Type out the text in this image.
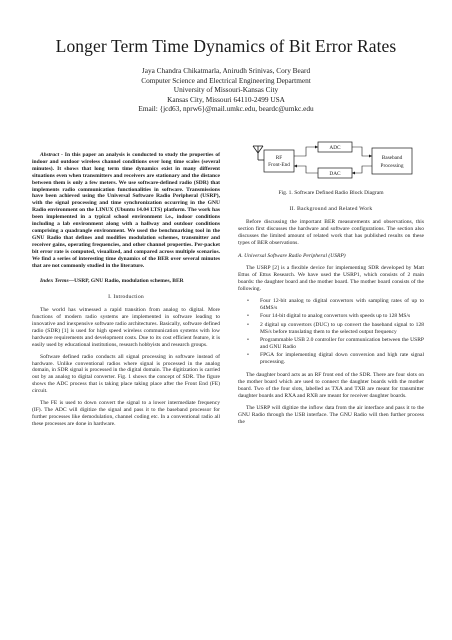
Longer Term Time Dynamics of Bit Error Rates
Jaya Chandra Chikatmarla, Anirudh Srinivas, Cory Beard
Computer Science and Electrical Engineering Department
University of Missouri-Kansas City
Kansas City, Missouri 64110-2499 USA
Email: {jcd63, nprw6}@mail.umkc.edu, beardc@umkc.edu

Abstract - In this paper an analysis is conducted to study the properties of indoor and outdoor wireless channel conditions over long time scales (several minutes). It shows that long term time dynamics exist in many different situations even when transmitters and receivers are stationary and the distance between them is only a few meters. We use software-defined radio (SDR) that implements radio communication functionalities in software. Transmissions have been achieved using the Universal Software Radio Peripheral (USRP), with the signal processing and time synchronization occurring in the GNU Radio environment on the LINUX (Ubuntu 14.04 LTS) platform. The work has been implemented in a typical school environment i.e., indoor conditions including a lab environment along with a hallway and outdoor conditions comprising a quadrangle environment. We used the benchmarking tool in the GNU Radio that defines and modifies modulation schemes, transmitter and receiver gains, operating frequencies, and other channel properties. Per-packet bit error rate is computed, visualized, and compared across multiple scenarios. We find a series of interesting time dynamics of the BER over several minutes that are not commonly studied in the literature.

Index Terms—USRP, GNU Radio, modulation schemes, BER

I. Introduction

The world has witnessed a rapid transition from analog to digital. More functions of modern radio systems are implemented in software leading to innovative and inexpensive software radio architectures. Basically, software defined radio (SDR) [1] is used for high speed wireless communication systems with low hardware requirements and development costs. Due to its cost efficient feature, it is easily used by educational institutions, research hobbyists and research groups.

Software defined radio conducts all signal processing in software instead of hardware. Unlike conventional radios where signal is processed in the analog domain, in SDR signal is processed in the digital domain. The digitization is carried out by an analog to digital converter. Fig. 1 shows the concept of SDR. The figure shows the ADC process that is taking place taking place after the Front End (FE) circuit.

The FE is used to down convert the signal to a lower intermediate frequency (IF). The ADC will digitize the signal and pass it to the baseband processor for further processes like demodulation, channel coding etc. In a conventional radio all these processes are done in hardware.

RF
Front-End
ADC
DAC
Baseband
Processing
Fig. 1. Software Defined Radio Block Diagram
II. Background and Related Work

Before discussing the important BER measurements and observations, this section first discusses the hardware and software configurations. The section also discusses the limited amount of related work that has published results on these types of BER observations.

A. Universal Software Radio Peripheral (USRP)

The USRP [2] is a flexible device for implementing SDR developed by Matt Ettus of Ettus Research. We have used the USRP1, which consists of 2 main boards: the daughter board and the mother board. The mother board consists of the following.

• Four 12-bit analog to digital convertors with sampling rates of up to 64MS/s
• Four 14-bit digital to analog convertors with speeds up to 128 MS/s
• 2 digital up convertors (DUC) to up convert the baseband signal to 128 MS/s before translating them to the selected output frequency
• Programmable USB 2.0 controller for communication between the USRP and GNU Radio
• FPGA for implementing digital down conversion and high rate signal processing.

The daughter board acts as an RF front end of the SDR. There are four slots on the mother board which are used to connect the daughter boards with the mother board. Two of the four slots, labelled as TXA and TXB are meant for transmitter daughter boards and RXA and RXB are meant for receiver daughter boards.

The USRP will digitize the inflow data from the air interface and pass it to the GNU Radio through the USB interface. The GNU Radio will then further process the
